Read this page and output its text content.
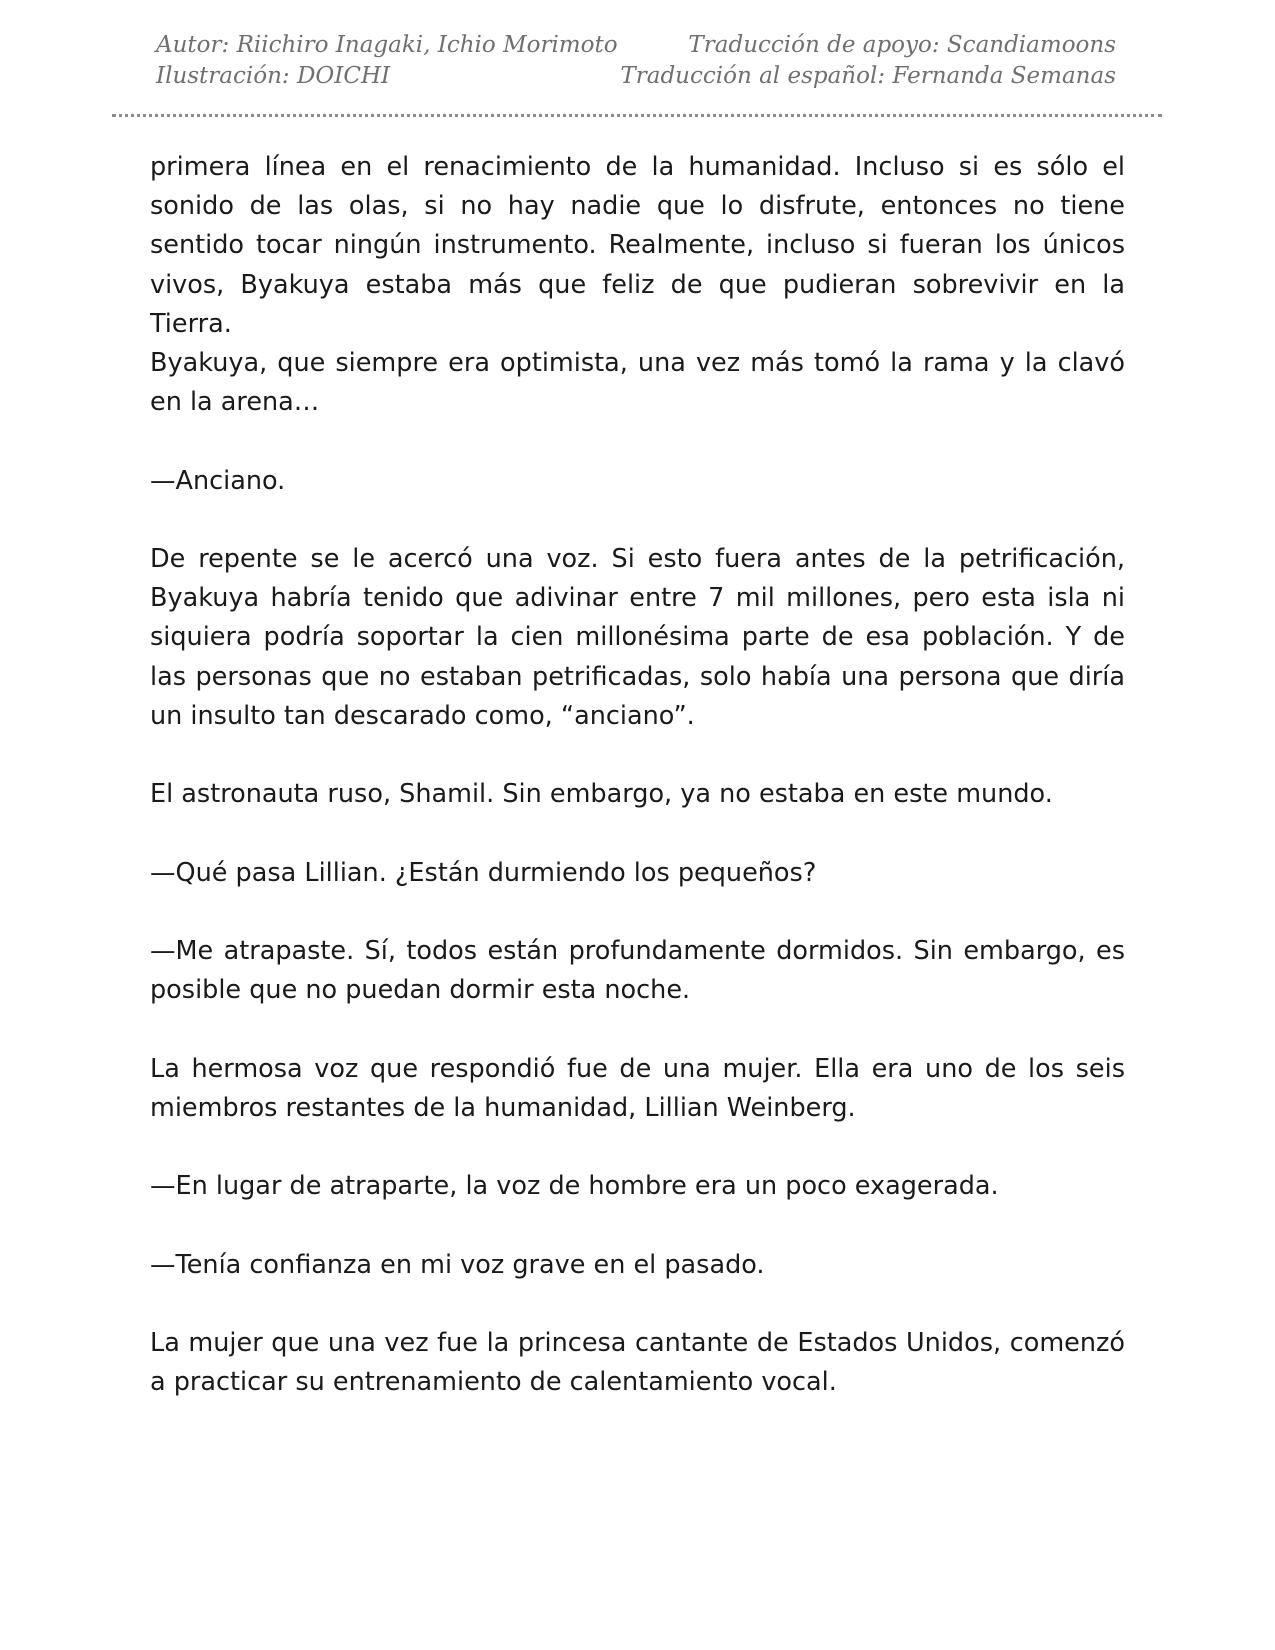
Autor: Riichiro Inagaki, Ichio Morimoto	Traducción de apoyo: Scandiamoons
Ilustración: DOICHI	Traducción al español: Fernanda Semanas

primera línea en el renacimiento de la humanidad. Incluso si es sólo el sonido de las olas, si no hay nadie que lo disfrute, entonces no tiene sentido tocar ningún instrumento. Realmente, incluso si fueran los únicos vivos, Byakuya estaba más que feliz de que pudieran sobrevivir en la Tierra.
Byakuya, que siempre era optimista, una vez más tomó la rama y la clavó en la arena…

—Anciano.

De repente se le acercó una voz. Si esto fuera antes de la petrificación, Byakuya habría tenido que adivinar entre 7 mil millones, pero esta isla ni siquiera podría soportar la cien millonésima parte de esa población. Y de las personas que no estaban petrificadas, solo había una persona que diría un insulto tan descarado como, “anciano”.

El astronauta ruso, Shamil. Sin embargo, ya no estaba en este mundo.

—Qué pasa Lillian. ¿Están durmiendo los pequeños?

—Me atrapaste. Sí, todos están profundamente dormidos. Sin embargo, es posible que no puedan dormir esta noche.

La hermosa voz que respondió fue de una mujer. Ella era uno de los seis miembros restantes de la humanidad, Lillian Weinberg.

—En lugar de atraparte, la voz de hombre era un poco exagerada.

—Tenía confianza en mi voz grave en el pasado.

La mujer que una vez fue la princesa cantante de Estados Unidos, comenzó a practicar su entrenamiento de calentamiento vocal.
